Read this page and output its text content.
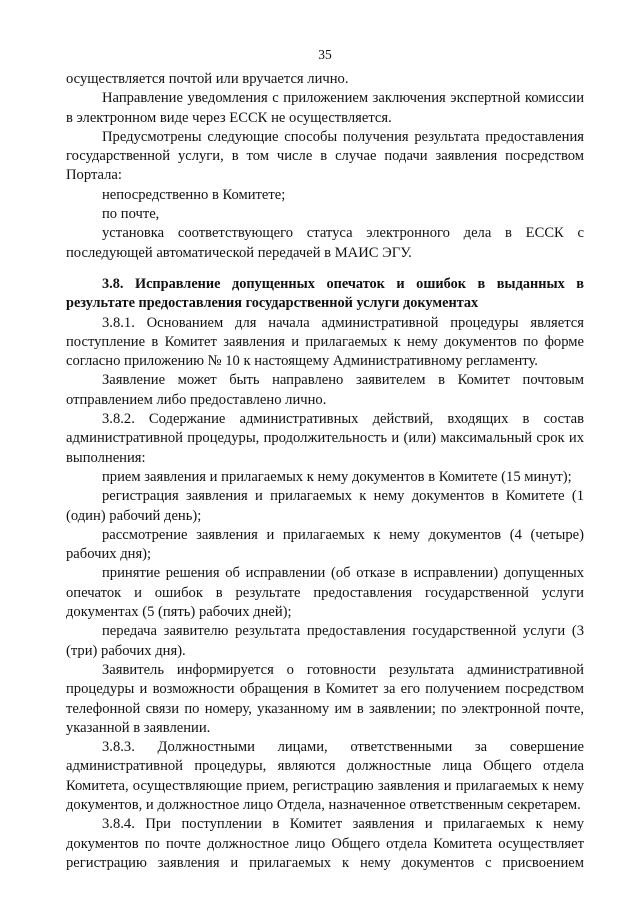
35

осуществляется почтой или вручается лично.

Направление уведомления с приложением заключения экспертной комиссии в электронном виде через ЕССК не осуществляется.

Предусмотрены следующие способы получения результата предоставления государственной услуги, в том числе в случае подачи заявления посредством Портала:

непосредственно в Комитете;

по почте,

установка соответствующего статуса электронного дела в ЕССК с последующей автоматической передачей в МАИС ЭГУ.

3.8. Исправление допущенных опечаток и ошибок в выданных в результате предоставления государственной услуги документах

3.8.1. Основанием для начала административной процедуры является поступление в Комитет заявления и прилагаемых к нему документов по форме согласно приложению № 10 к настоящему Административному регламенту.

Заявление может быть направлено заявителем в Комитет почтовым отправлением либо предоставлено лично.

3.8.2. Содержание административных действий, входящих в состав административной процедуры, продолжительность и (или) максимальный срок их выполнения:

прием заявления и прилагаемых к нему документов в Комитете (15 минут);

регистрация заявления и прилагаемых к нему документов в Комитете (1 (один) рабочий день);

рассмотрение заявления и прилагаемых к нему документов (4 (четыре) рабочих дня);

принятие решения об исправлении (об отказе в исправлении) допущенных опечаток и ошибок в результате предоставления государственной услуги документах (5 (пять) рабочих дней);

передача заявителю результата предоставления государственной услуги (3 (три) рабочих дня).

Заявитель информируется о готовности результата административной процедуры и возможности обращения в Комитет за его получением посредством телефонной связи по номеру, указанному им в заявлении; по электронной почте, указанной в заявлении.

3.8.3. Должностными лицами, ответственными за совершение административной процедуры, являются должностные лица Общего отдела Комитета, осуществляющие прием, регистрацию заявления и прилагаемых к нему документов, и должностное лицо Отдела, назначенное ответственным секретарем.

3.8.4. При поступлении в Комитет заявления и прилагаемых к нему документов по почте должностное лицо Общего отдела Комитета осуществляет регистрацию заявления и прилагаемых к нему документов с присвоением
